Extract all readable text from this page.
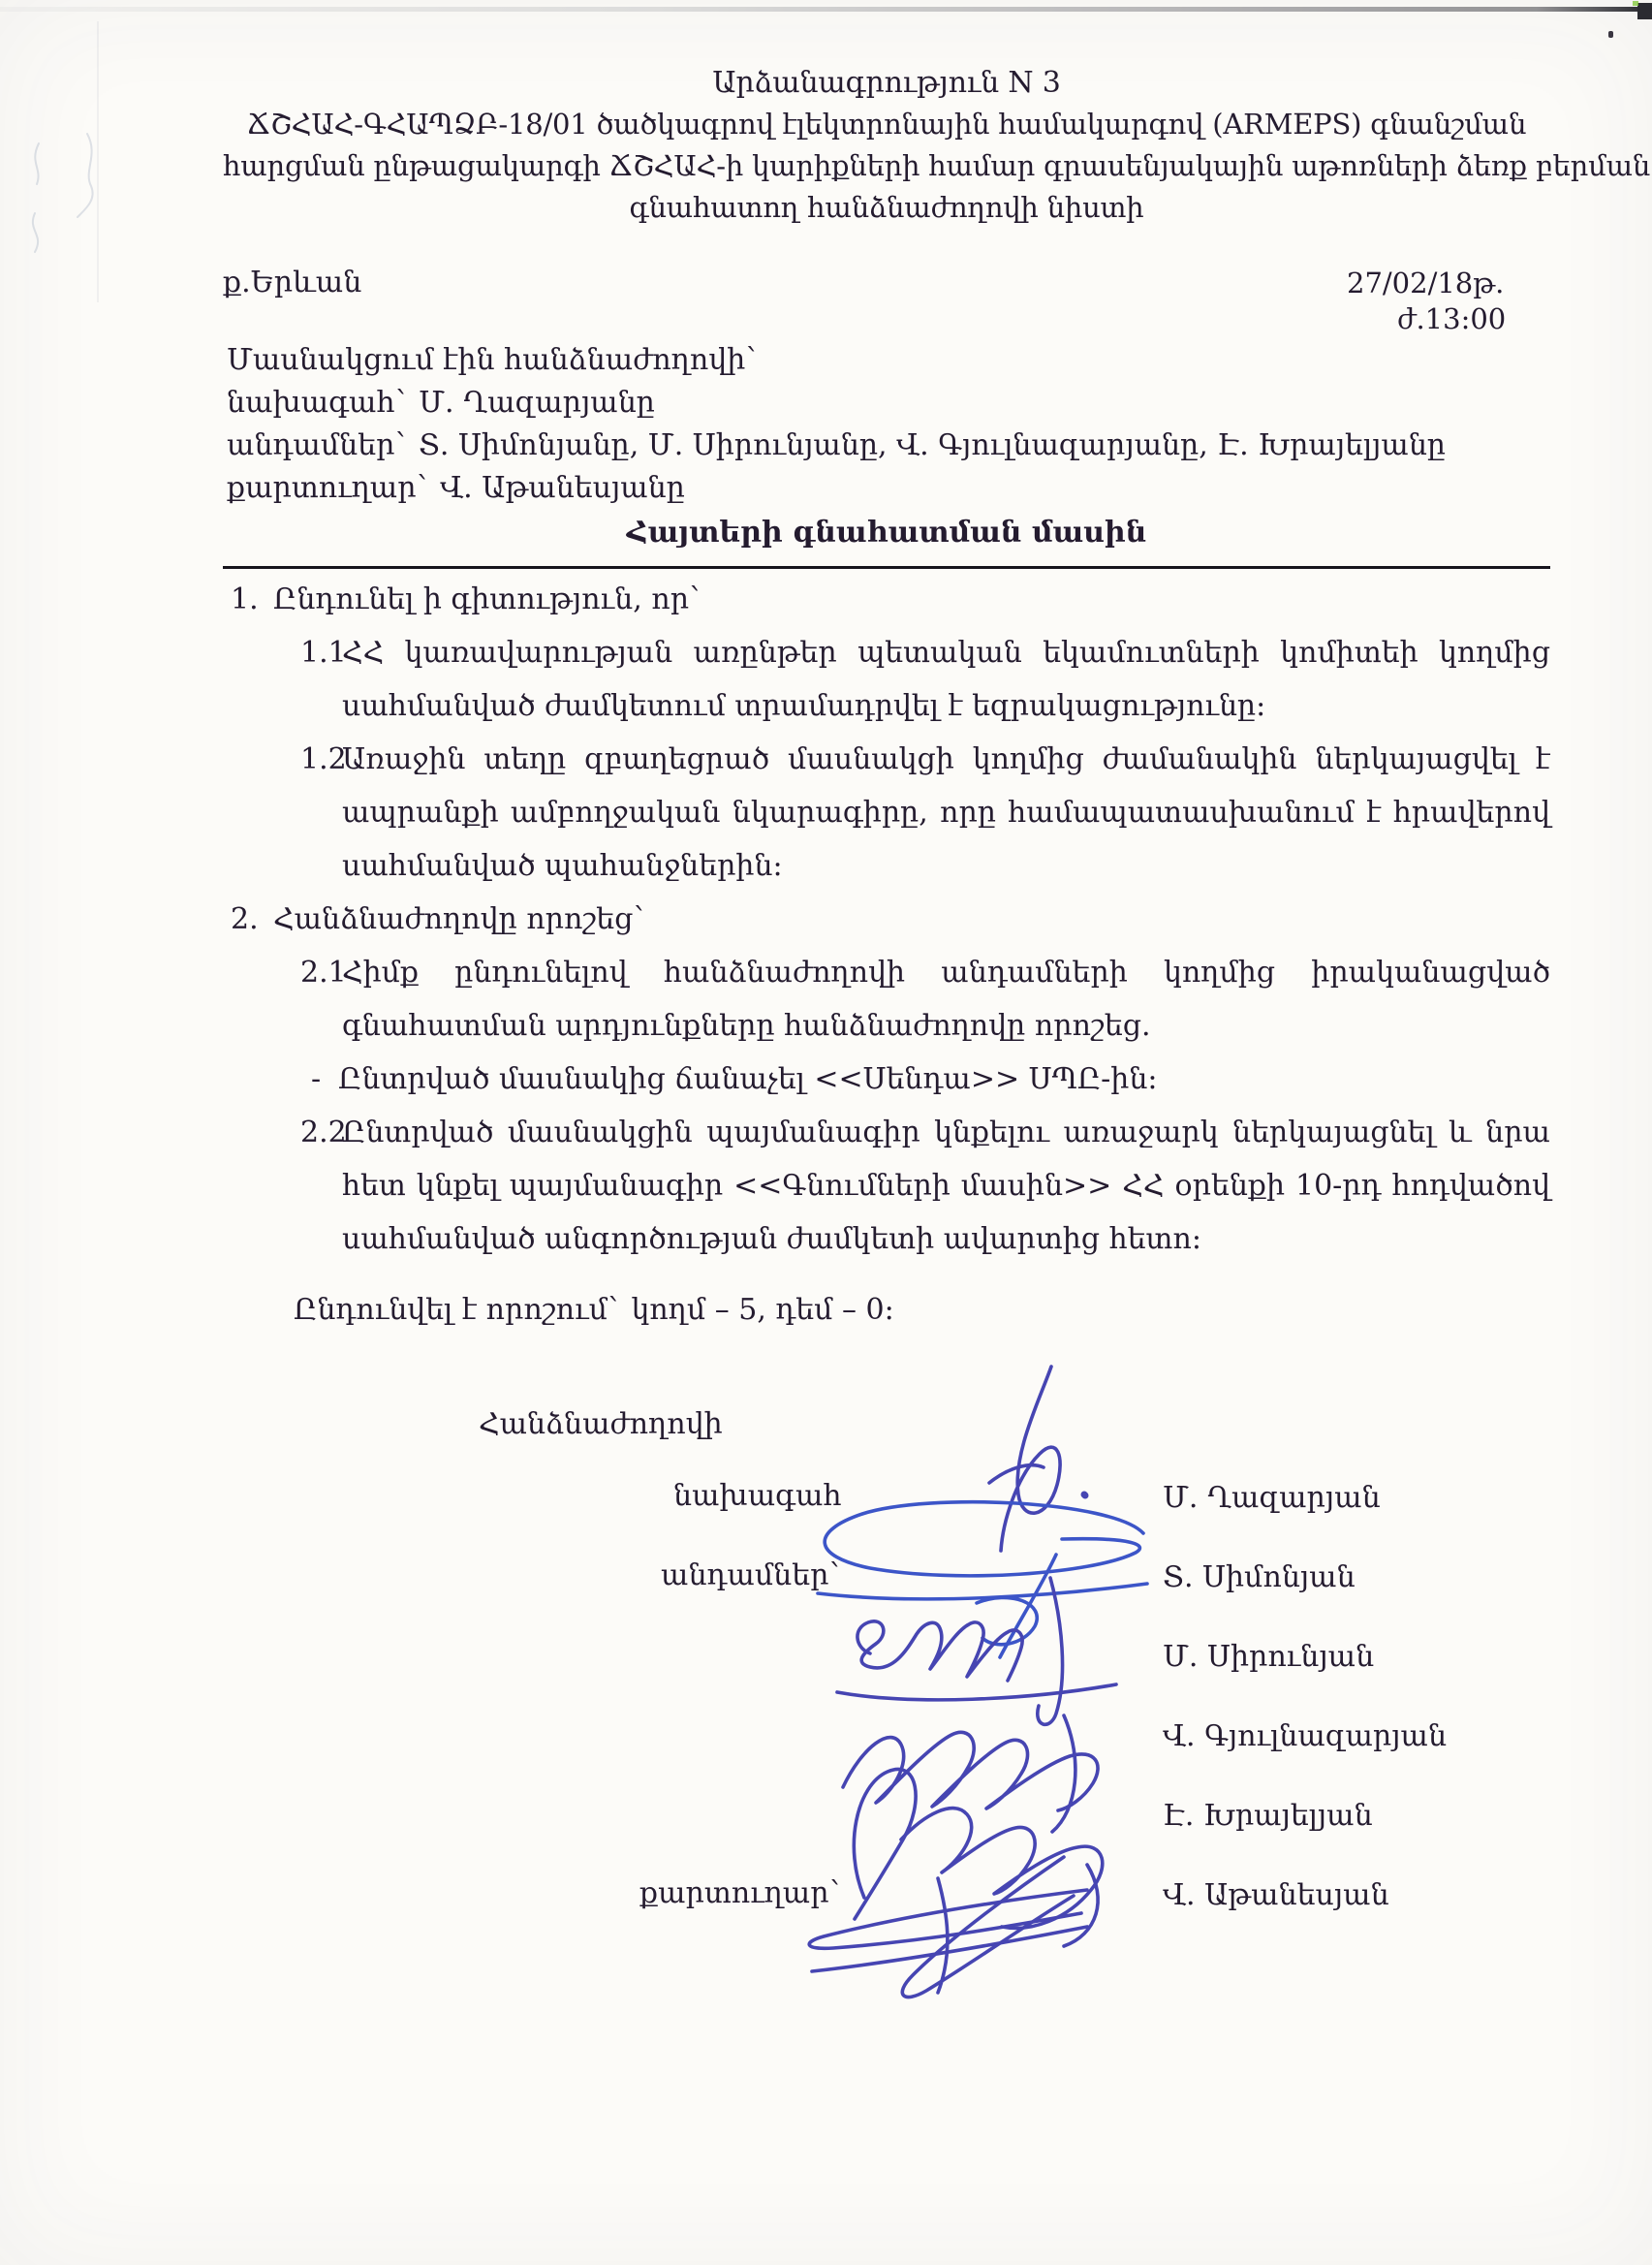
Արձանագրություն N 3
ՃՇՀԱՀ-ԳՀԱՊՁԲ-18/01 ծածկագրով էլեկտրոնային համակարգով (ARMEPS) գնանշման
հարցման ընթացակարգի ՃՇՀԱՀ-ի կարիքների համար գրասենյակային աթոռների ձեռք բերման
գնահատող հանձնաժողովի նիստի
ք.Երևան	27/02/18թ.
ժ.13:00
Մասնակցում էին հանձնաժողովի`
նախագահ` Մ. Ղազարյանը
անդամներ` Տ. Սիմոնյանը, Մ. Սիրունյանը, Վ. Գյուլնազարյանը, Է. Խրայելյանը
քարտուղար` Վ. Աթանեսյանը
Հայտերի գնահատման մասին
1. Ընդունել ի գիտություն, որ`
1.1ՀՀ կառավարության առընթեր պետական եկամուտների կոմիտեի կողմից սահմանված ժամկետում տրամադրվել է եզրակացությունը:
1.2Առաջին տեղը զբաղեցրած մասնակցի կողմից ժամանակին ներկայացվել է ապրանքի ամբողջական նկարագիրը, որը համապատասխանում է հրավերով սահմանված պահանջներին:
2. Հանձնաժողովը որոշեց`
2.1Հիմք ընդունելով հանձնաժողովի անդամների կողմից իրականացված գնահատման արդյունքները հանձնաժողովը որոշեց.
- Ընտրված մասնակից ճանաչել <<Սենդա>> ՍՊԸ-ին:
2.2Ընտրված մասնակցին պայմանագիր կնքելու առաջարկ ներկայացնել և նրա հետ կնքել պայմանագիր <<Գնումների մասին>> ՀՀ օրենքի 10-րդ հոդվածով սահմանված անգործության ժամկետի ավարտից հետո:
Ընդունվել է որոշում` կողմ – 5, դեմ – 0:
Հանձնաժողովի
նախագահ	Մ. Ղազարյան
անդամներ`	Տ. Սիմոնյան
Մ. Սիրունյան
Վ. Գյուլնազարյան
Է. Խրայելյան
քարտուղար`	Վ. Աթանեսյան
